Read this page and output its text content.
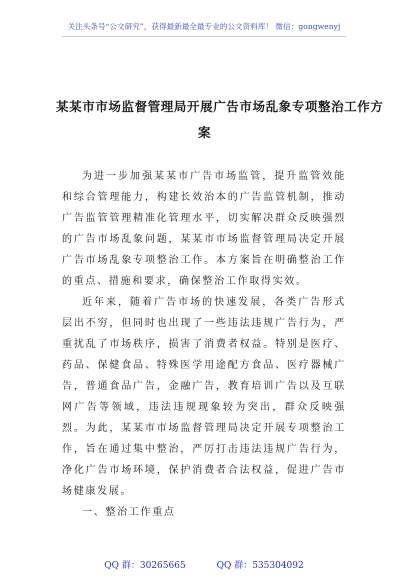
关注头条号“公文研究”，获得最新最全最专业的公文资料库！ 微信：gongwenyj
某某市市场监督管理局开展广告市场乱象专项整治工作方
案

为进一步加强某某市广告市场监管，提升监管效能和综合管理能力，构建长效治本的广告监管机制，推动广告监管管理精准化管理水平，切实解决群众反映强烈的广告市场乱象问题，某某市市场监督管理局决定开展广告市场乱象专项整治工作。本方案旨在明确整治工作的重点、措施和要求，确保整治工作取得实效。

近年来，随着广告市场的快速发展，各类广告形式层出不穷，但同时也出现了一些违法违规广告行为，严重扰乱了市场秩序，损害了消费者权益。特别是医疗、药品、保健食品、特殊医学用途配方食品、医疗器械广告，普通食品广告，金融广告，教育培训广告以及互联网广告等领域，违法违规现象较为突出，群众反映强烈。为此，某某市市场监督管理局决定开展专项整治工作，旨在通过集中整治，严厉打击违法违规广告行为，净化广告市场环境，保护消费者合法权益，促进广告市场健康发展。

一、整治工作重点

QQ 群：30265665	QQ 群：535304092
